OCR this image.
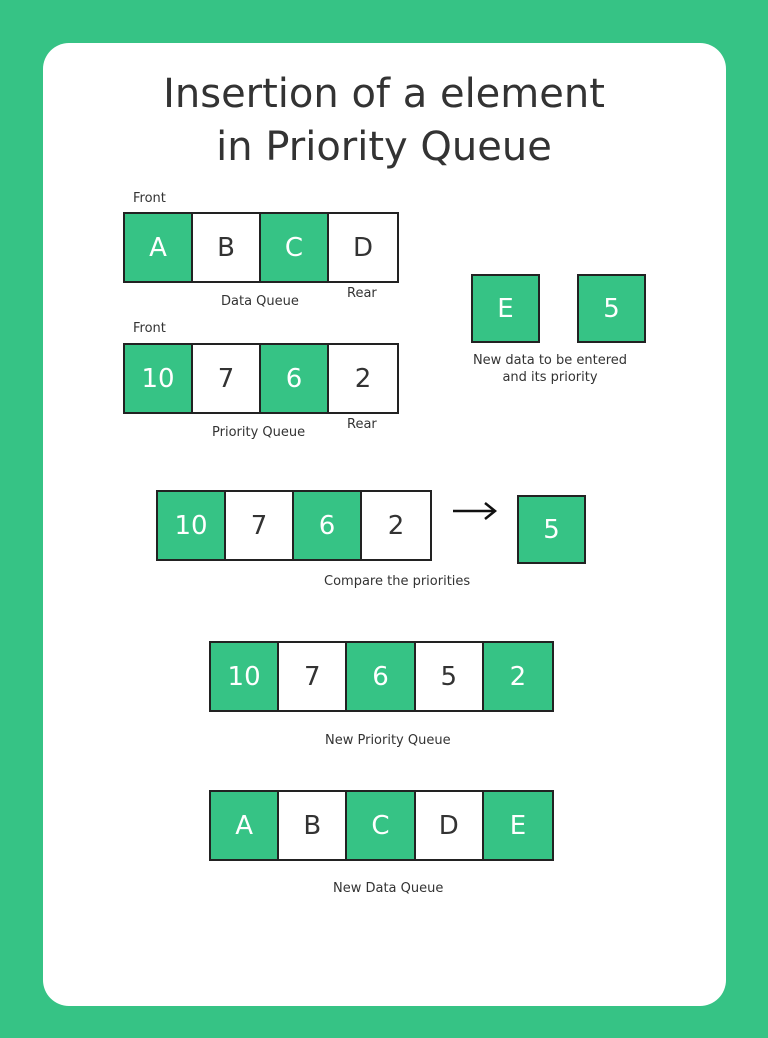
Insertion of a element
in Priority Queue
Front
A	B	C	D
Rear
Data Queue
Front
10	7	6	2
Rear
Priority Queue
E	5
New data to be entered
and its priority
10	7	6	2	5
Compare the priorities
10	7	6	5	2
New Priority Queue
A	B	C	D	E
New Data Queue
